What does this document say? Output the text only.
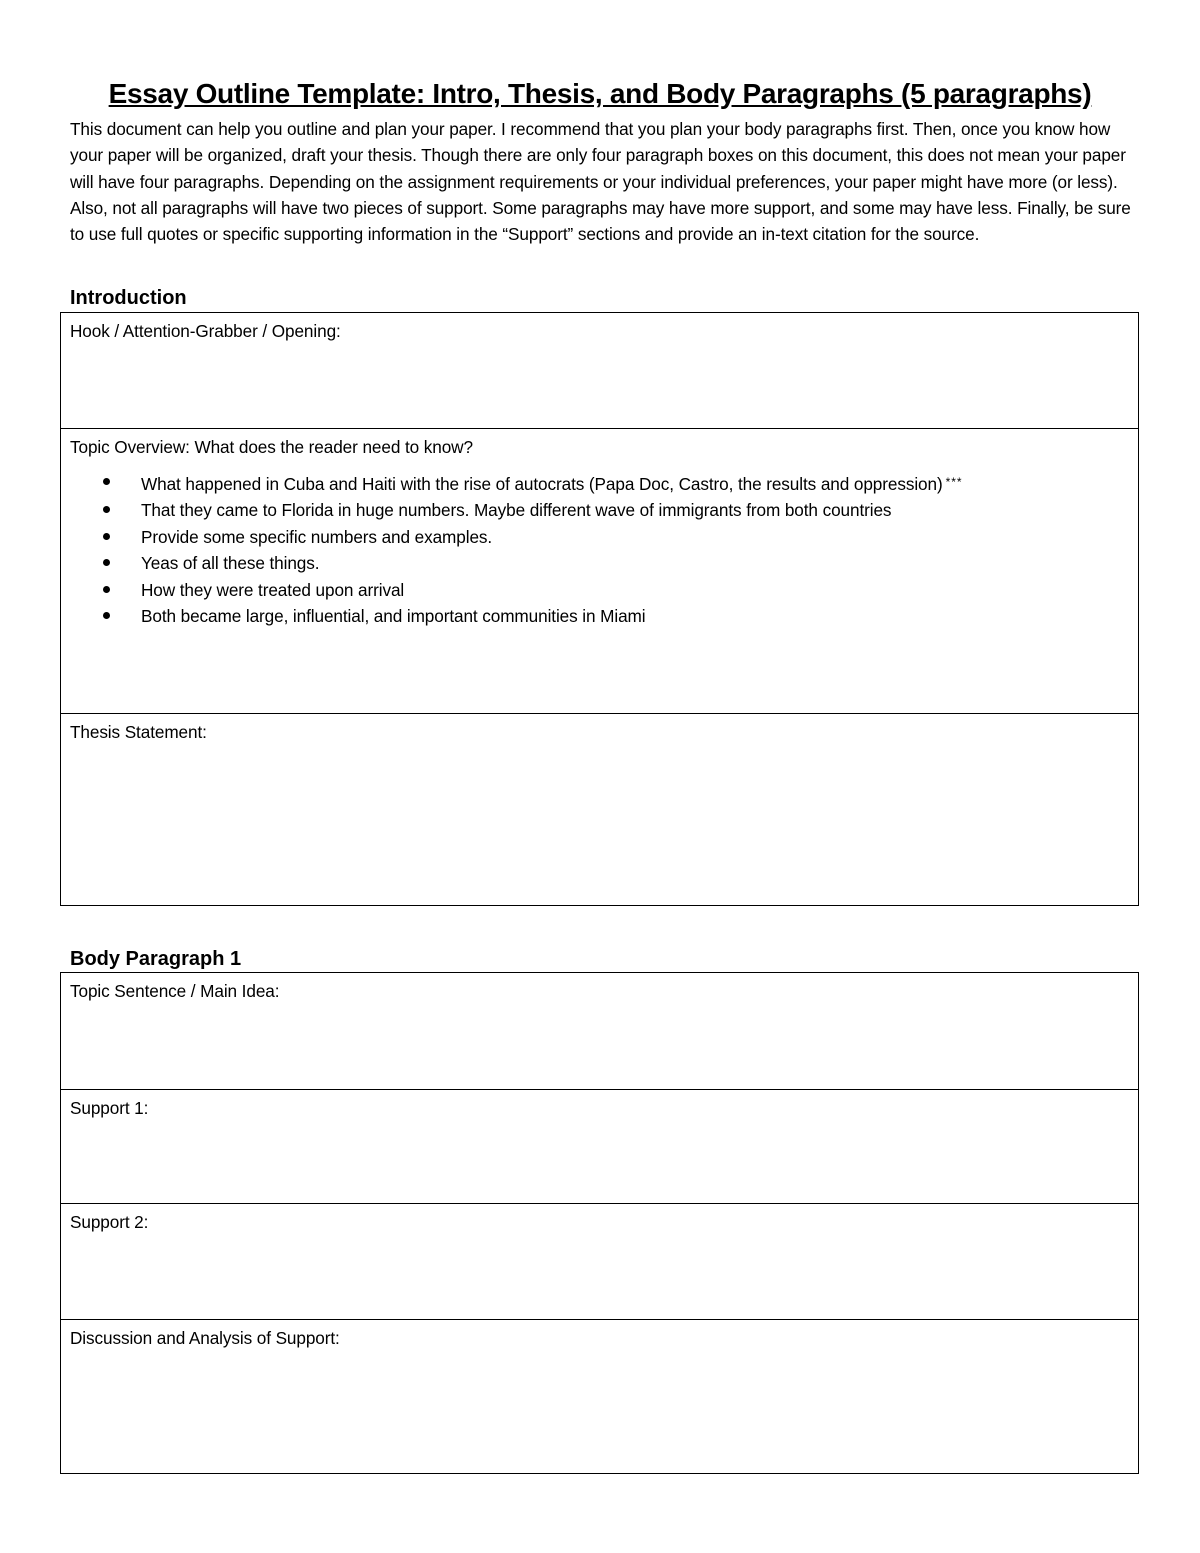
Essay Outline Template: Intro, Thesis, and Body Paragraphs (5 paragraphs)
This document can help you outline and plan your paper. I recommend that you plan your body paragraphs first. Then, once you know how your paper will be organized, draft your thesis. Though there are only four paragraph boxes on this document, this does not mean your paper will have four paragraphs. Depending on the assignment requirements or your individual preferences, your paper might have more (or less). Also, not all paragraphs will have two pieces of support. Some paragraphs may have more support, and some may have less. Finally, be sure to use full quotes or specific supporting information in the “Support” sections and provide an in-text citation for the source.
Introduction
Hook / Attention-Grabber / Opening:
Topic Overview: What does the reader need to know?
What happened in Cuba and Haiti with the rise of autocrats (Papa Doc, Castro, the results and oppression) ***
That they came to Florida in huge numbers. Maybe different wave of immigrants from both countries
Provide some specific numbers and examples.
Yeas of all these things.
How they were treated upon arrival
Both became large, influential, and important communities in Miami
Thesis Statement:
Body Paragraph 1
Topic Sentence / Main Idea:
Support 1:
Support 2:
Discussion and Analysis of Support:
